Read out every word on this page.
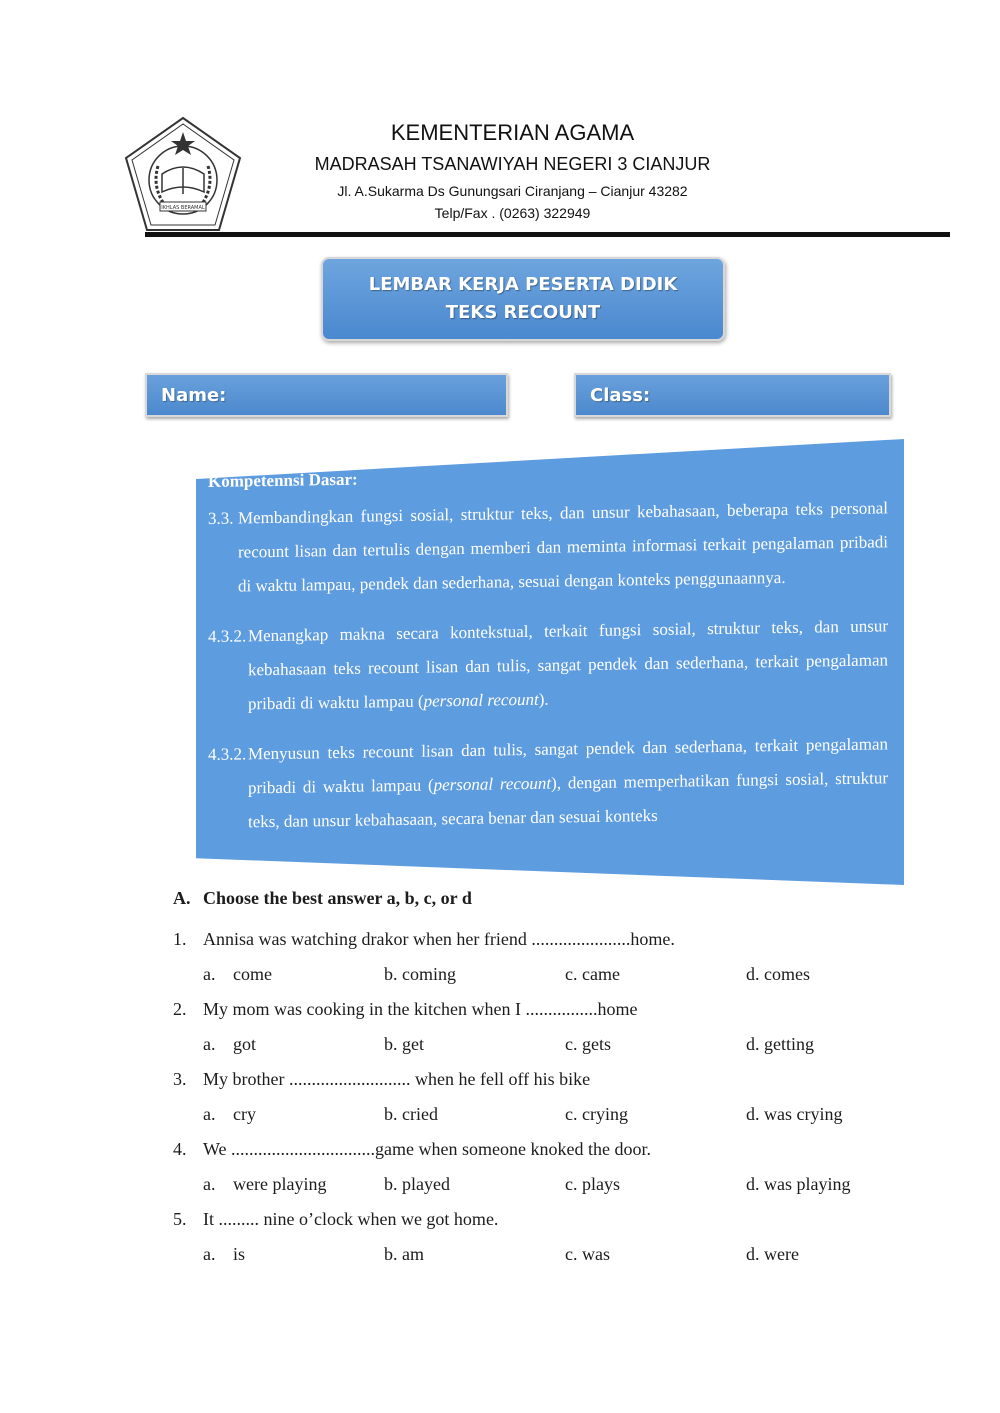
IKHLAS BERAMAL
KEMENTERIAN AGAMA
MADRASAH TSANAWIYAH NEGERI 3 CIANJUR
Jl. A.Sukarma Ds Gunungsari Ciranjang – Cianjur 43282
Telp/Fax . (0263) 322949
LEMBAR KERJA PESERTA DIDIK
TEKS RECOUNT
Name:	Class:
Kompetennsi Dasar:
3.3. Membandingkan fungsi sosial, struktur teks, dan unsur kebahasaan, beberapa teks personal recount lisan dan tertulis dengan memberi dan meminta informasi terkait pengalaman pribadi di waktu lampau, pendek dan sederhana, sesuai dengan konteks penggunaannya.
4.3.2. Menangkap makna secara kontekstual, terkait fungsi sosial, struktur teks, dan unsur kebahasaan teks recount lisan dan tulis, sangat pendek dan sederhana, terkait pengalaman pribadi di waktu lampau (personal recount).
4.3.2. Menyusun teks recount lisan dan tulis, sangat pendek dan sederhana, terkait pengalaman pribadi di waktu lampau (personal recount), dengan memperhatikan fungsi sosial, struktur teks, dan unsur kebahasaan, secara benar dan sesuai konteks
A. Choose the best answer a, b, c, or d
1. Annisa was watching drakor when her friend ......................home.
a. come	b. coming	c. came	d. comes
2. My mom was cooking in the kitchen when I ................home
a. got	b. get	c. gets	d. getting
3. My brother ........................... when he fell off his bike
a. cry	b. cried	c. crying	d. was crying
4. We ................................game when someone knoked the door.
a. were playing	b. played	c. plays	d. was playing
5. It ......... nine o’clock when we got home.
a. is	b. am	c. was	d. were
